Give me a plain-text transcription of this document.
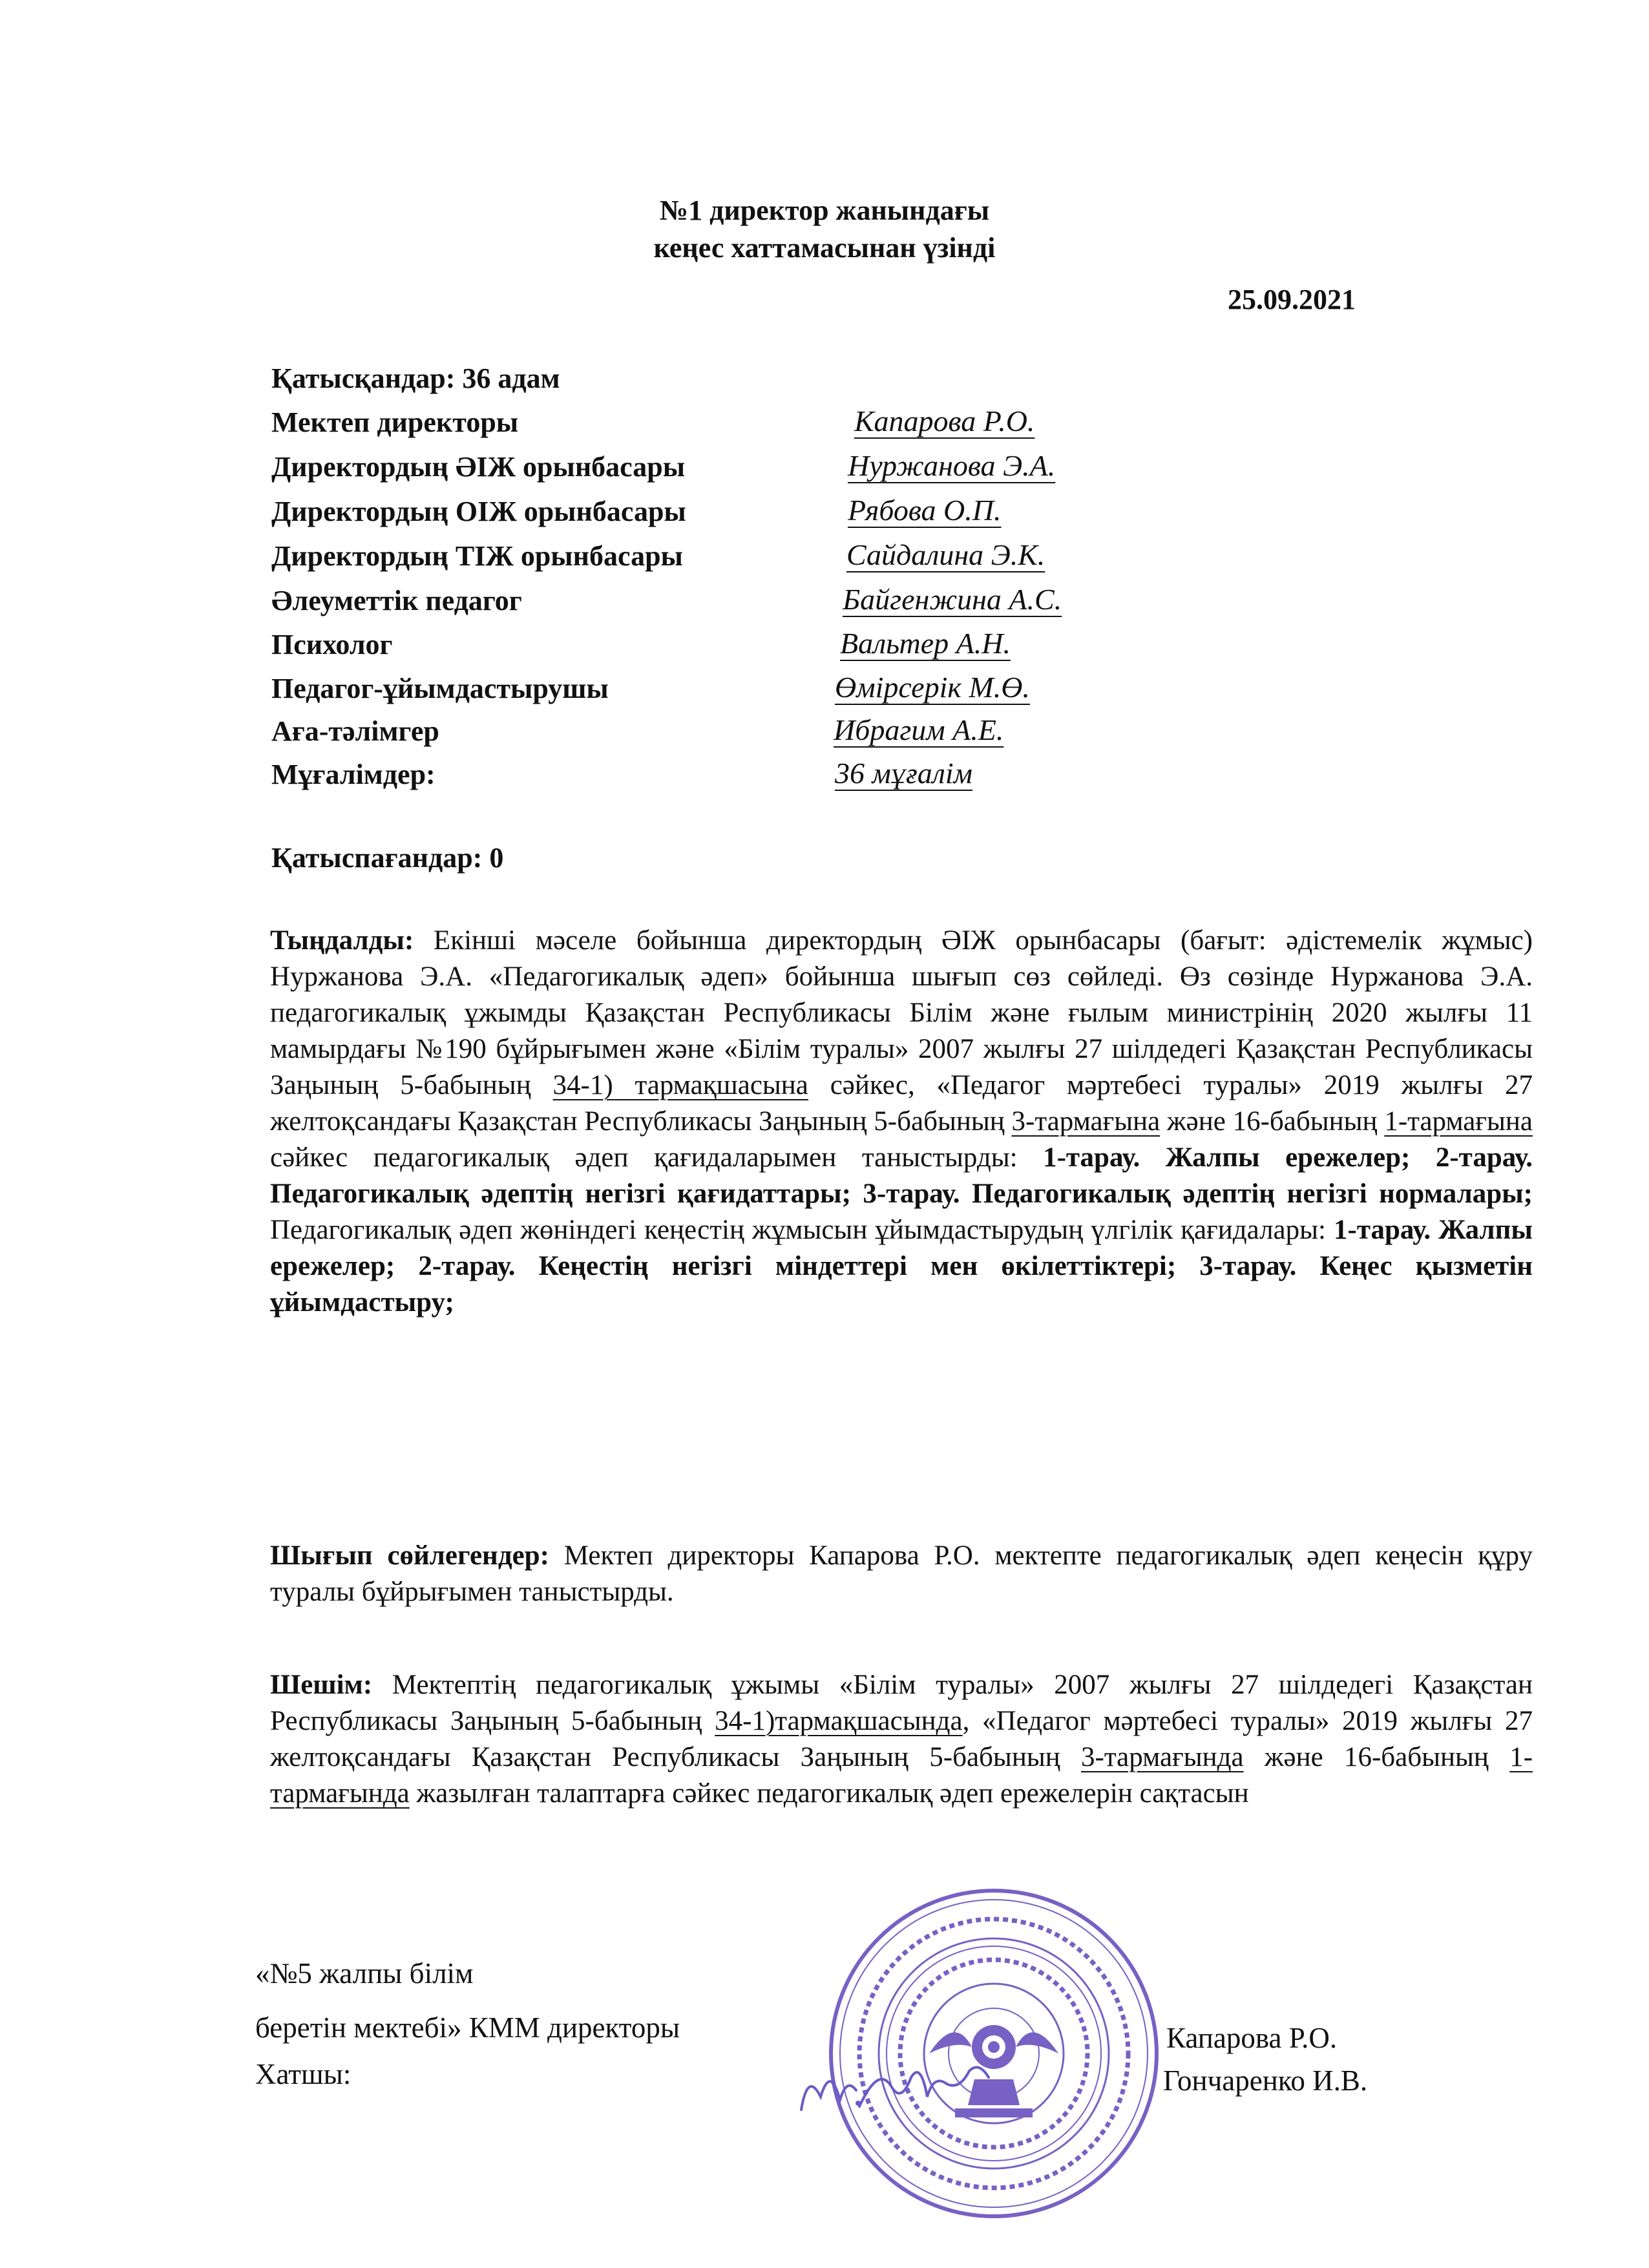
№1 директор жанындағы
кеңес хаттамасынан үзінді
25.09.2021
Қатысқандар: 36 адам
Мектеп директоры	Капарова Р.О.
Директордың ӘІЖ орынбасары	Нуржанова Э.А.
Директордың ОІЖ орынбасары	Рябова О.П.
Директордың ТІЖ орынбасары	Сайдалина Э.К.
Әлеуметтік педагог	Байгенжина А.С.
Психолог	Вальтер А.Н.
Педагог-ұйымдастырушы	Өмірсерік М.Ө.
Аға-тәлімгер	Ибрагим А.Е.
Мұғалімдер:	36 мұғалім
Қатыспағандар: 0

Тыңдалды: Екінші мәселе бойынша директордың ӘІЖ орынбасары (бағыт: әдістемелік жұмыс) Нуржанова Э.А. «Педагогикалық әдеп» бойынша шығып сөз сөйледі. Өз сөзінде Нуржанова Э.А. педагогикалық ұжымды Қазақстан Республикасы Білім және ғылым министрінің 2020 жылғы 11 мамырдағы №190 бұйрығымен және «Білім туралы» 2007 жылғы 27 шілдедегі Қазақстан Республикасы Заңының 5-бабының 34-1) тармақшасына сәйкес, «Педагог мәртебесі туралы» 2019 жылғы 27 желтоқсандағы Қазақстан Республикасы Заңының 5-бабының 3-тармағына және 16-бабының 1-тармағына сәйкес педагогикалық әдеп қағидаларымен таныстырды: 1-тарау. Жалпы ережелер; 2-тарау. Педагогикалық әдептің негізгі қағидаттары; 3-тарау. Педагогикалық әдептің негізгі нормалары; Педагогикалық әдеп жөніндегі кеңестің жұмысын ұйымдастырудың үлгілік қағидалары: 1-тарау. Жалпы ережелер; 2-тарау. Кеңестің негізгі міндеттері мен өкілеттіктері; 3-тарау. Кеңес қызметін ұйымдастыру;

Шығып сөйлегендер: Мектеп директоры Капарова Р.О. мектепте педагогикалық әдеп кеңесін құру туралы бұйрығымен таныстырды.

Шешім: Мектептің педагогикалық ұжымы «Білім туралы» 2007 жылғы 27 шілдедегі Қазақстан Республикасы Заңының 5-бабының 34-1)тармақшасында, «Педагог мәртебесі туралы» 2019 жылғы 27 желтоқсандағы Қазақстан Республикасы Заңының 5-бабының 3-тармағында және 16-бабының 1-тармағында жазылған талаптарға сәйкес педагогикалық әдеп ережелерін сақтасын

«№5 жалпы білім
беретін мектебі» КММ директоры
Хатшы:
Капарова Р.О.
Гончаренко И.В.
